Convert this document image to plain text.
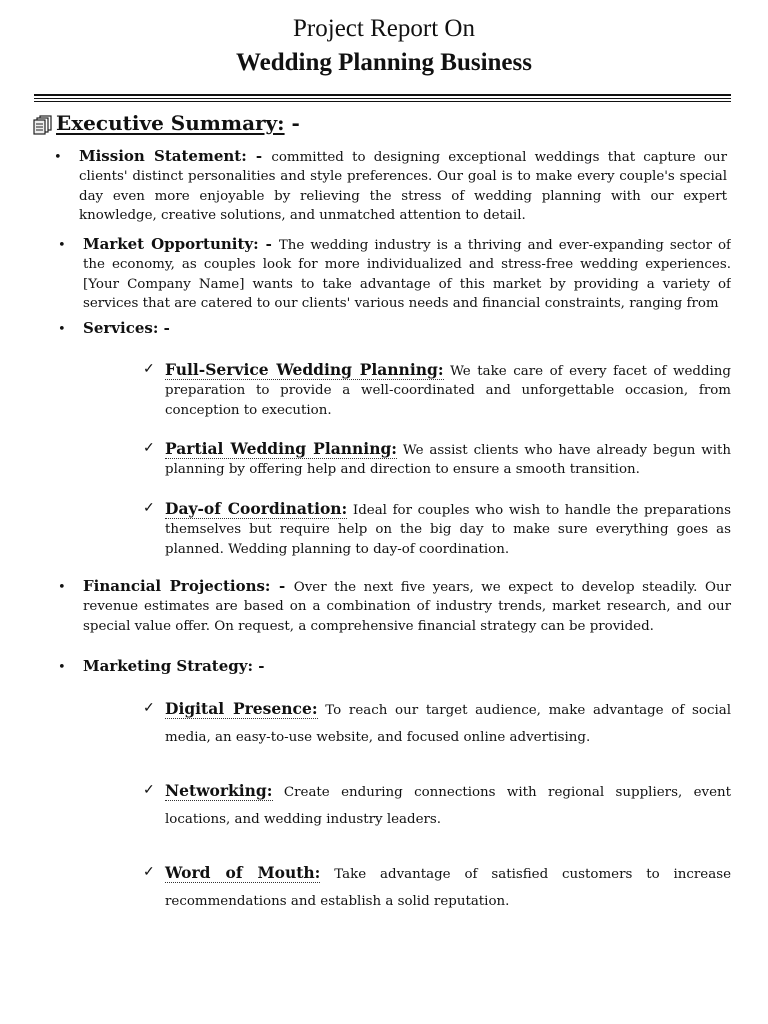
Project Report On
Wedding Planning Business
Executive Summary: -
• Mission Statement: - committed to designing exceptional weddings that capture our clients' distinct personalities and style preferences. Our goal is to make every couple's special day even more enjoyable by relieving the stress of wedding planning with our expert knowledge, creative solutions, and unmatched attention to detail.
• Market Opportunity: - The wedding industry is a thriving and ever-expanding sector of the economy, as couples look for more individualized and stress-free wedding experiences. [Your Company Name] wants to take advantage of this market by providing a variety of services that are catered to our clients' various needs and financial constraints, ranging from
• Services: -
✓ Full-Service Wedding Planning: We take care of every facet of wedding preparation to provide a well-coordinated and unforgettable occasion, from conception to execution.
✓ Partial Wedding Planning: We assist clients who have already begun with planning by offering help and direction to ensure a smooth transition.
✓ Day-of Coordination: Ideal for couples who wish to handle the preparations themselves but require help on the big day to make sure everything goes as planned. Wedding planning to day-of coordination.
• Financial Projections: - Over the next five years, we expect to develop steadily. Our revenue estimates are based on a combination of industry trends, market research, and our special value offer. On request, a comprehensive financial strategy can be provided.
• Marketing Strategy: -
✓ Digital Presence: To reach our target audience, make advantage of social media, an easy-to-use website, and focused online advertising.
✓ Networking: Create enduring connections with regional suppliers, event locations, and wedding industry leaders.
✓ Word of Mouth: Take advantage of satisfied customers to increase recommendations and establish a solid reputation.
